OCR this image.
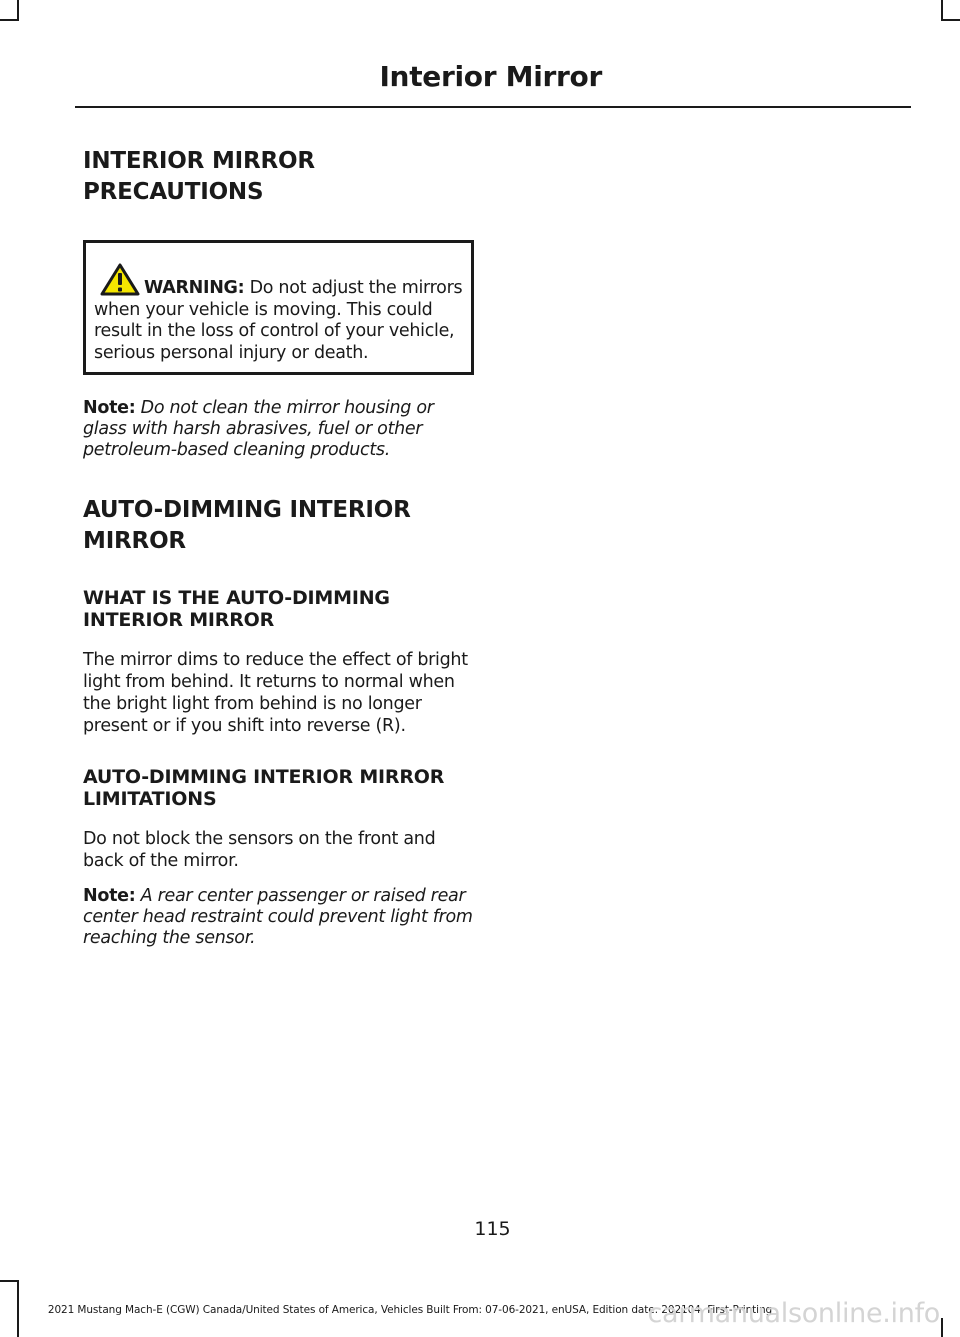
Interior Mirror
INTERIOR MIRROR
PRECAUTIONS

WARNING: Do not adjust the mirrors when your vehicle is moving. This could result in the loss of control of your vehicle, serious personal injury or death.

Note: Do not clean the mirror housing or glass with harsh abrasives, fuel or other petroleum-based cleaning products.

AUTO-DIMMING INTERIOR
MIRROR
WHAT IS THE AUTO-DIMMING INTERIOR MIRROR

The mirror dims to reduce the effect of bright light from behind. It returns to normal when the bright light from behind is no longer present or if you shift into reverse (R).

AUTO-DIMMING INTERIOR MIRROR LIMITATIONS

Do not block the sensors on the front and back of the mirror.

Note: A rear center passenger or raised rear center head restraint could prevent light from reaching the sensor.

115
2021 Mustang Mach-E (CGW) Canada/United States of America, Vehicles Built From: 07-06-2021, enUSA, Edition date: 202104, First-Printing
carmanualsonline.info
